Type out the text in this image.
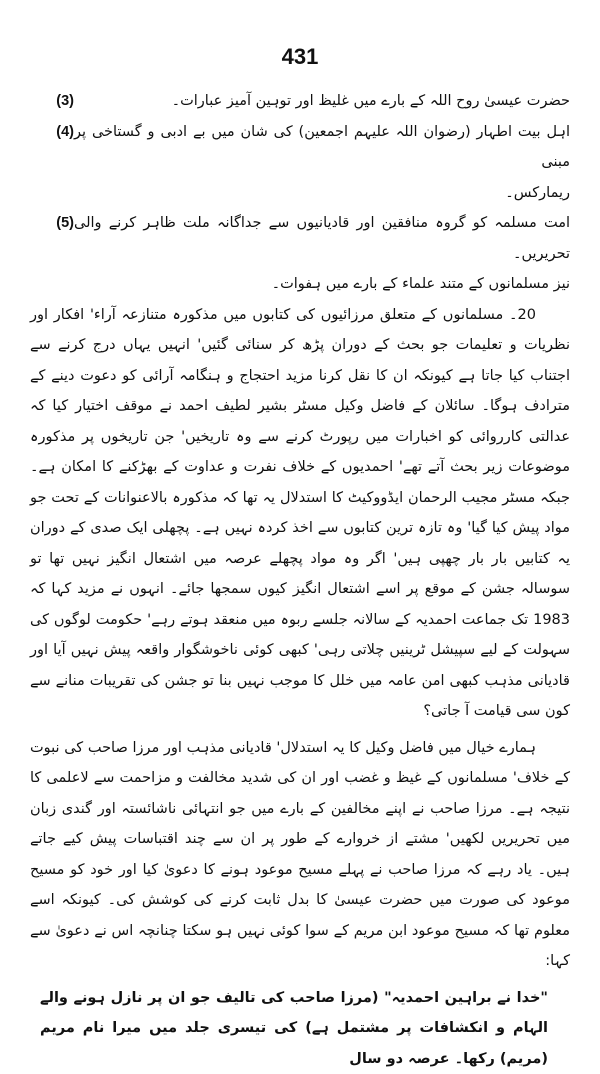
431
حضرت عیسیٰ روح اللہ کے بارے میں غلیظ اور توہین آمیز عبارات۔
(3)
اہل بیت اطہار (رضوان اللہ علیہم اجمعین) کی شان میں بے ادبی و گستاخی پر مبنی
ریمارکس۔
(4)
امت مسلمہ کو گروہ منافقین اور قادیانیوں سے جداگانہ ملت ظاہر کرنے والی تحریریں۔
نیز مسلمانوں کے متند علماء کے بارے میں ہفوات۔
(5)

20۔ مسلمانوں کے متعلق مرزائیوں کی کتابوں میں مذکورہ متنازعہ آراء' افکار اور نظریات و تعلیمات جو بحث کے دوران پڑھ کر سنائی گئیں' انہیں یہاں درج کرنے سے اجتناب کیا جاتا ہے کیونکہ ان کا نقل کرنا مزید احتجاج و ہنگامہ آرائی کو دعوت دینے کے مترادف ہوگا۔ سائلان کے فاضل وکیل مسٹر بشیر لطیف احمد نے موقف اختیار کیا کہ عدالتی کارروائی کو اخبارات میں رپورٹ کرنے سے وہ تاریخیں' جن تاریخوں پر مذکورہ موضوعات زیر بحث آتے تھے' احمدیوں کے خلاف نفرت و عداوت کے بھڑکنے کا امکان ہے۔ جبکہ مسٹر مجیب الرحمان ایڈووکیٹ کا استدلال یہ تھا کہ مذکورہ بالاعنوانات کے تحت جو مواد پیش کیا گیا' وہ تازہ ترین کتابوں سے اخذ کردہ نہیں ہے۔ پچھلی ایک صدی کے دوران یہ کتابیں بار بار چھپی ہیں' اگر وہ مواد پچھلے عرصہ میں اشتعال انگیز نہیں تھا تو سوسالہ جشن کے موقع پر اسے اشتعال انگیز کیوں سمجھا جائے۔ انہوں نے مزید کہا کہ 1983 تک جماعت احمدیہ کے سالانہ جلسے ربوہ میں منعقد ہوتے رہے' حکومت لوگوں کی سہولت کے لیے سپیشل ٹرینیں چلاتی رہی' کبھی کوئی ناخوشگوار واقعہ پیش نہیں آیا اور قادیانی مذہب کبھی امن عامہ میں خلل کا موجب نہیں بنا تو جشن کی تقریبات منانے سے کون سی قیامت آ جاتی؟

ہمارے خیال میں فاضل وکیل کا یہ استدلال' قادیانی مذہب اور مرزا صاحب کی نبوت کے خلاف' مسلمانوں کے غیظ و غضب اور ان کی شدید مخالفت و مزاحمت سے لاعلمی کا نتیجہ ہے۔ مرزا صاحب نے اپنے مخالفین کے بارے میں جو انتہائی ناشائستہ اور گندی زبان میں تحریریں لکھیں' مشتے از خروارے کے طور پر ان سے چند اقتباسات پیش کیے جاتے ہیں۔ یاد رہے کہ مرزا صاحب نے پہلے مسیح موعود ہونے کا دعویٰ کیا اور خود کو مسیح موعود کی صورت میں حضرت عیسیٰ کا بدل ثابت کرنے کی کوشش کی۔ کیونکہ اسے معلوم تھا کہ مسیح موعود ابن مریم کے سوا کوئی نہیں ہو سکتا چنانچہ اس نے دعویٰ سے کہا:

"خدا نے براہین احمدیہ" (مرزا صاحب کی تالیف جو ان پر نازل ہونے والے الہام و انکشافات پر مشتمل ہے) کی تیسری جلد میں میرا نام مریم (مریم) رکھا۔ عرصہ دو سال
